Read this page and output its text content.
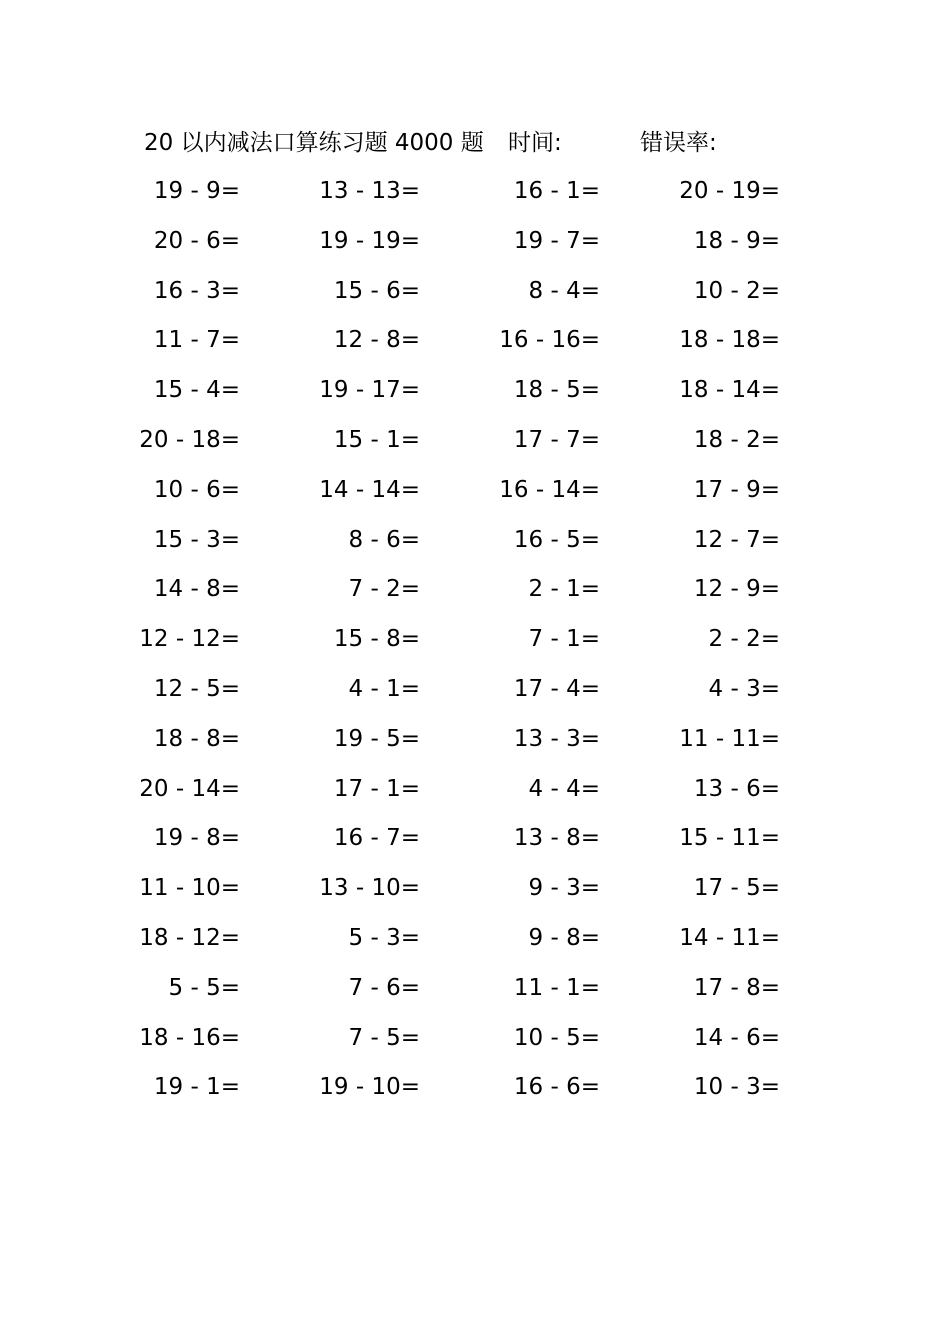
20 以内减法口算练习题 4000 题 时间:	错误率:
19 - 9=	13 - 13=	16 - 1=	20 - 19=
20 - 6=	19 - 19=	19 - 7=	18 - 9=
16 - 3=	15 - 6=	8 - 4=	10 - 2=
11 - 7=	12 - 8=	16 - 16=	18 - 18=
15 - 4=	19 - 17=	18 - 5=	18 - 14=
20 - 18=	15 - 1=	17 - 7=	18 - 2=
10 - 6=	14 - 14=	16 - 14=	17 - 9=
15 - 3=	8 - 6=	16 - 5=	12 - 7=
14 - 8=	7 - 2=	2 - 1=	12 - 9=
12 - 12=	15 - 8=	7 - 1=	2 - 2=
12 - 5=	4 - 1=	17 - 4=	4 - 3=
18 - 8=	19 - 5=	13 - 3=	11 - 11=
20 - 14=	17 - 1=	4 - 4=	13 - 6=
19 - 8=	16 - 7=	13 - 8=	15 - 11=
11 - 10=	13 - 10=	9 - 3=	17 - 5=
18 - 12=	5 - 3=	9 - 8=	14 - 11=
5 - 5=	7 - 6=	11 - 1=	17 - 8=
18 - 16=	7 - 5=	10 - 5=	14 - 6=
19 - 1=	19 - 10=	16 - 6=	10 - 3=
